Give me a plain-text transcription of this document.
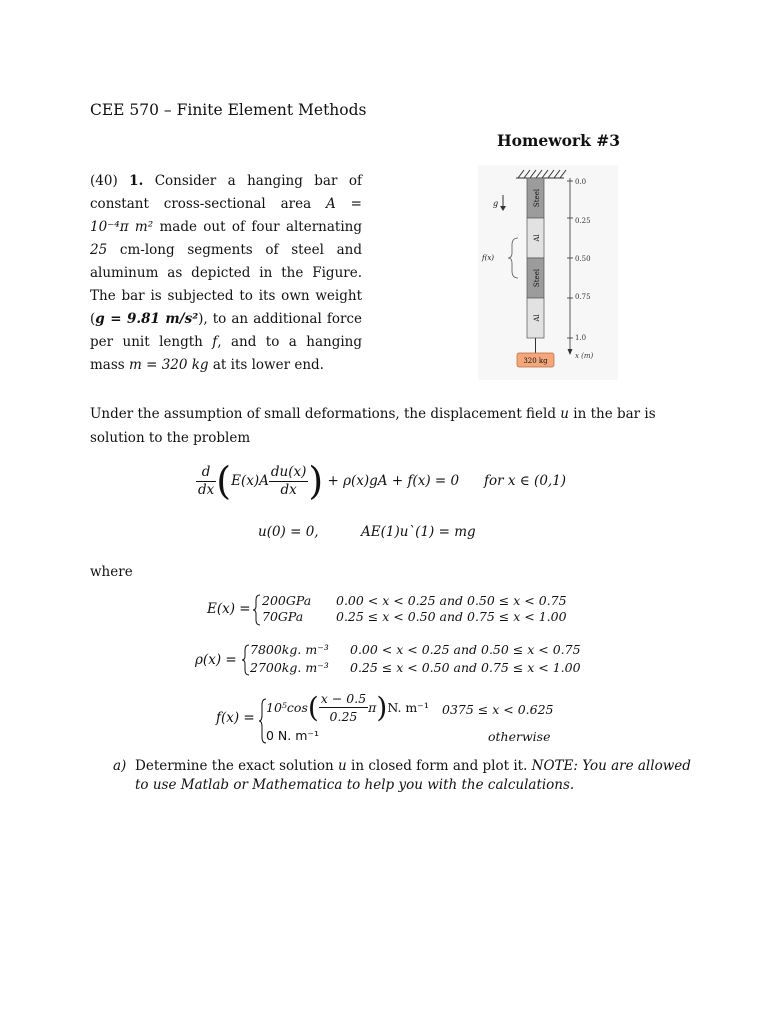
CEE 570 – Finite Element Methods
Homework #3
(40) 1. Consider a hanging bar of constant cross-sectional area A = 10⁻⁴π m² made out of four alternating 25 cm-long segments of steel and aluminum as depicted in the Figure. The bar is subjected to its own weight (g = 9.81 m/s²), to an additional force per unit length f, and to a hanging mass m = 320 kg at its lower end.
Steel
Al
Steel
Al
320 kg
g
f(x)
0.0
0.25
0.50
0.75
1.0
x (m)
Under the assumption of small deformations, the displacement field u in the bar is solution to the problem
$\frac{d}{dx} (E(x)A \frac{du(x)}{dx}$ ) + ρ(x)gA + f(x) = 0 for x ∈ (0,1)
u(0) = 0,	AE(1)u`(1) = mg
where
E(x) =
200GPa
70GPa
0.00 < x < 0.25 and 0.50 ≤ x < 0.75
0.25 ≤ x < 0.50 and 0.75 ≤ x < 1.00
ρ(x) =
7800kg. m⁻³
2700kg. m⁻³
0.00 < x < 0.25 and 0.50 ≤ x < 0.75
0.25 ≤ x < 0.50 and 0.75 ≤ x < 1.00
f(x) =
$10^5\cos( \frac{x - 0.5}{0.25} \pi)N$. m⁻¹ 0375 ≤ x < 0.625
0 N. m⁻¹	otherwise
a) Determine the exact solution u in closed form and plot it. NOTE: You are allowed to use Matlab or Mathematica to help you with the calculations.
